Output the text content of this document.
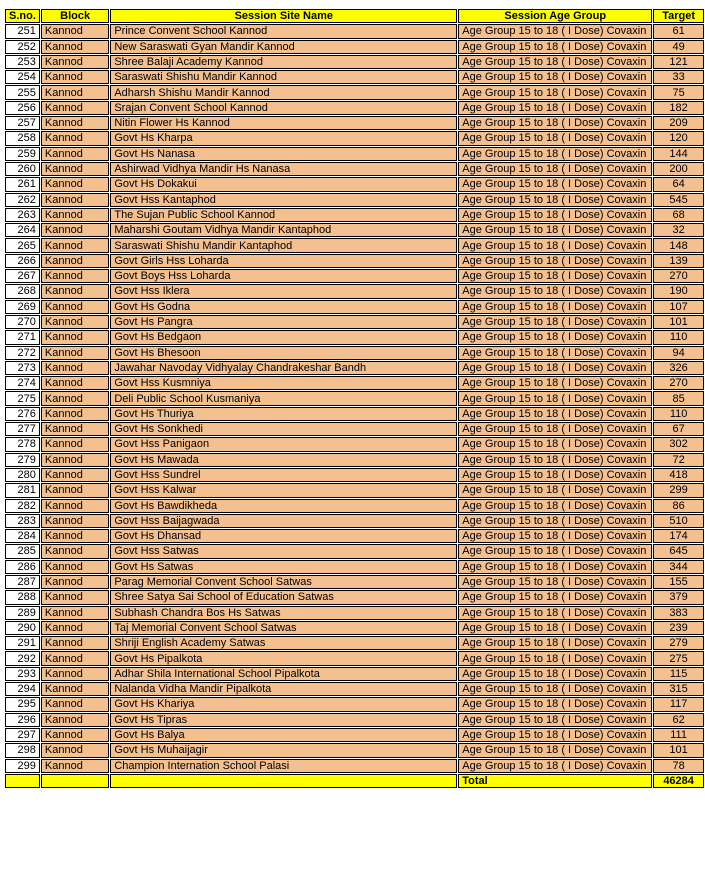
S.no.	Block	Session Site Name	Session Age Group	Target
251	Kannod	Prince Convent School Kannod	Age Group 15 to 18 ( I Dose) Covaxin	61
252	Kannod	New Saraswati Gyan Mandir Kannod	Age Group 15 to 18 ( I Dose) Covaxin	49
253	Kannod	Shree Balaji Academy Kannod	Age Group 15 to 18 ( I Dose) Covaxin	121
254	Kannod	Saraswati Shishu Mandir Kannod	Age Group 15 to 18 ( I Dose) Covaxin	33
255	Kannod	Adharsh Shishu Mandir Kannod	Age Group 15 to 18 ( I Dose) Covaxin	75
256	Kannod	Srajan Convent School Kannod	Age Group 15 to 18 ( I Dose) Covaxin	182
257	Kannod	Nitin Flower Hs Kannod	Age Group 15 to 18 ( I Dose) Covaxin	209
258	Kannod	Govt Hs Kharpa	Age Group 15 to 18 ( I Dose) Covaxin	120
259	Kannod	Govt Hs Nanasa	Age Group 15 to 18 ( I Dose) Covaxin	144
260	Kannod	Ashirwad Vidhya Mandir Hs Nanasa	Age Group 15 to 18 ( I Dose) Covaxin	200
261	Kannod	Govt Hs Dokakui	Age Group 15 to 18 ( I Dose) Covaxin	64
262	Kannod	Govt Hss Kantaphod	Age Group 15 to 18 ( I Dose) Covaxin	545
263	Kannod	The Sujan Public School Kannod	Age Group 15 to 18 ( I Dose) Covaxin	68
264	Kannod	Maharshi Goutam Vidhya Mandir Kantaphod	Age Group 15 to 18 ( I Dose) Covaxin	32
265	Kannod	Saraswati Shishu Mandir Kantaphod	Age Group 15 to 18 ( I Dose) Covaxin	148
266	Kannod	Govt Girls Hss Loharda	Age Group 15 to 18 ( I Dose) Covaxin	139
267	Kannod	Govt Boys Hss Loharda	Age Group 15 to 18 ( I Dose) Covaxin	270
268	Kannod	Govt Hss Iklera	Age Group 15 to 18 ( I Dose) Covaxin	190
269	Kannod	Govt Hs Godna	Age Group 15 to 18 ( I Dose) Covaxin	107
270	Kannod	Govt Hs Pangra	Age Group 15 to 18 ( I Dose) Covaxin	101
271	Kannod	Govt Hs Bedgaon	Age Group 15 to 18 ( I Dose) Covaxin	110
272	Kannod	Govt Hs Bhesoon	Age Group 15 to 18 ( I Dose) Covaxin	94
273	Kannod	Jawahar Navoday Vidhyalay Chandrakeshar Bandh	Age Group 15 to 18 ( I Dose) Covaxin	326
274	Kannod	Govt Hss Kusmniya	Age Group 15 to 18 ( I Dose) Covaxin	270
275	Kannod	Deli Public School Kusmaniya	Age Group 15 to 18 ( I Dose) Covaxin	85
276	Kannod	Govt Hs Thuriya	Age Group 15 to 18 ( I Dose) Covaxin	110
277	Kannod	Govt Hs Sonkhedi	Age Group 15 to 18 ( I Dose) Covaxin	67
278	Kannod	Govt Hss Panigaon	Age Group 15 to 18 ( I Dose) Covaxin	302
279	Kannod	Govt Hs Mawada	Age Group 15 to 18 ( I Dose) Covaxin	72
280	Kannod	Govt Hss Sundrel	Age Group 15 to 18 ( I Dose) Covaxin	418
281	Kannod	Govt Hss Kalwar	Age Group 15 to 18 ( I Dose) Covaxin	299
282	Kannod	Govt Hs Bawdikheda	Age Group 15 to 18 ( I Dose) Covaxin	86
283	Kannod	Govt Hss Baijagwada	Age Group 15 to 18 ( I Dose) Covaxin	510
284	Kannod	Govt Hs Dhansad	Age Group 15 to 18 ( I Dose) Covaxin	174
285	Kannod	Govt Hss Satwas	Age Group 15 to 18 ( I Dose) Covaxin	645
286	Kannod	Govt Hs Satwas	Age Group 15 to 18 ( I Dose) Covaxin	344
287	Kannod	Parag Memorial Convent School Satwas	Age Group 15 to 18 ( I Dose) Covaxin	155
288	Kannod	Shree Satya Sai School of Education Satwas	Age Group 15 to 18 ( I Dose) Covaxin	379
289	Kannod	Subhash Chandra Bos Hs Satwas	Age Group 15 to 18 ( I Dose) Covaxin	383
290	Kannod	Taj Memorial Convent School Satwas	Age Group 15 to 18 ( I Dose) Covaxin	239
291	Kannod	Shriji English Academy Satwas	Age Group 15 to 18 ( I Dose) Covaxin	279
292	Kannod	Govt Hs Pipalkota	Age Group 15 to 18 ( I Dose) Covaxin	275
293	Kannod	Adhar Shila International School Pipalkota	Age Group 15 to 18 ( I Dose) Covaxin	115
294	Kannod	Nalanda Vidha Mandir Pipalkota	Age Group 15 to 18 ( I Dose) Covaxin	315
295	Kannod	Govt Hs Khariya	Age Group 15 to 18 ( I Dose) Covaxin	117
296	Kannod	Govt Hs Tipras	Age Group 15 to 18 ( I Dose) Covaxin	62
297	Kannod	Govt Hs Balya	Age Group 15 to 18 ( I Dose) Covaxin	111
298	Kannod	Govt Hs Muhaijagir	Age Group 15 to 18 ( I Dose) Covaxin	101
299	Kannod	Champion Internation School Palasi	Age Group 15 to 18 ( I Dose) Covaxin	78
			Total	46284
